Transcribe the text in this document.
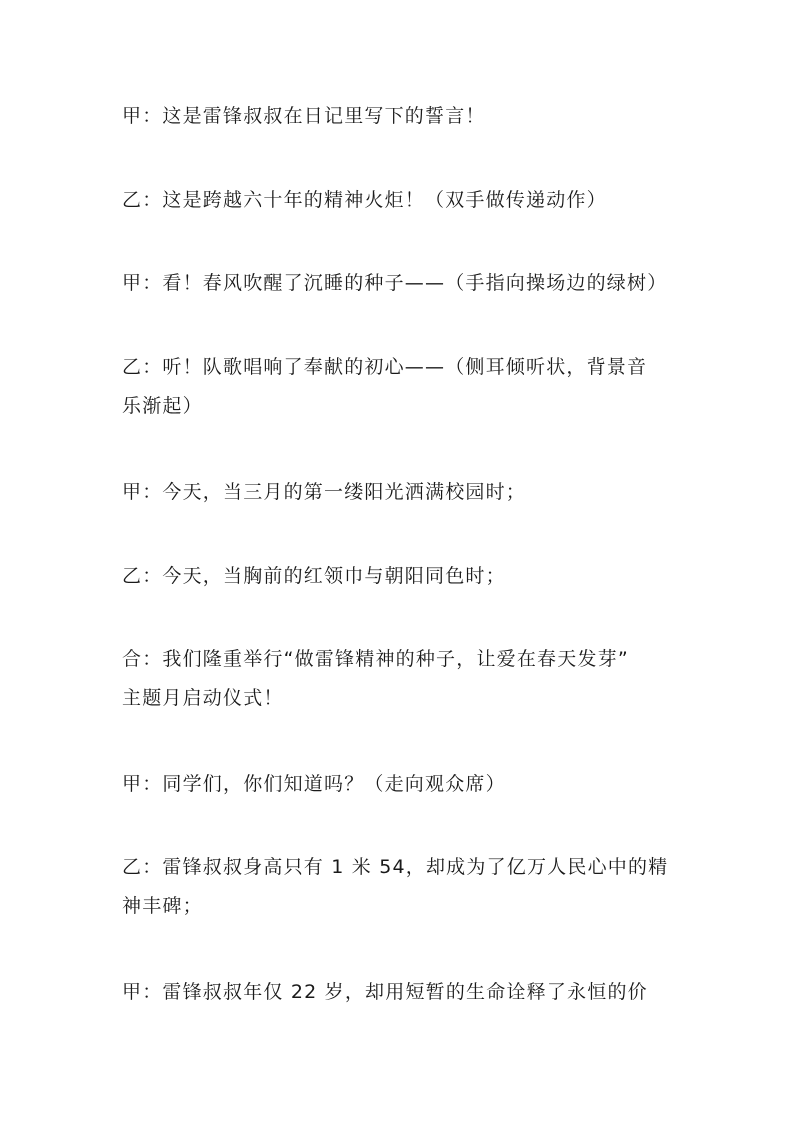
甲：这是雷锋叔叔在日记里写下的誓言！
乙：这是跨越六十年的精神火炬！（双手做传递动作）
甲：看！春风吹醒了沉睡的种子——（手指向操场边的绿树）
乙：听！队歌唱响了奉献的初心——（侧耳倾听状，背景音
乐渐起）
甲：今天，当三月的第一缕阳光洒满校园时；
乙：今天，当胸前的红领巾与朝阳同色时；
合：我们隆重举行“做雷锋精神的种子，让爱在春天发芽”
主题月启动仪式！
甲：同学们，你们知道吗？（走向观众席）
乙：雷锋叔叔身高只有 1 米 54，却成为了亿万人民心中的精
神丰碑；
甲：雷锋叔叔年仅 22 岁，却用短暂的生命诠释了永恒的价
